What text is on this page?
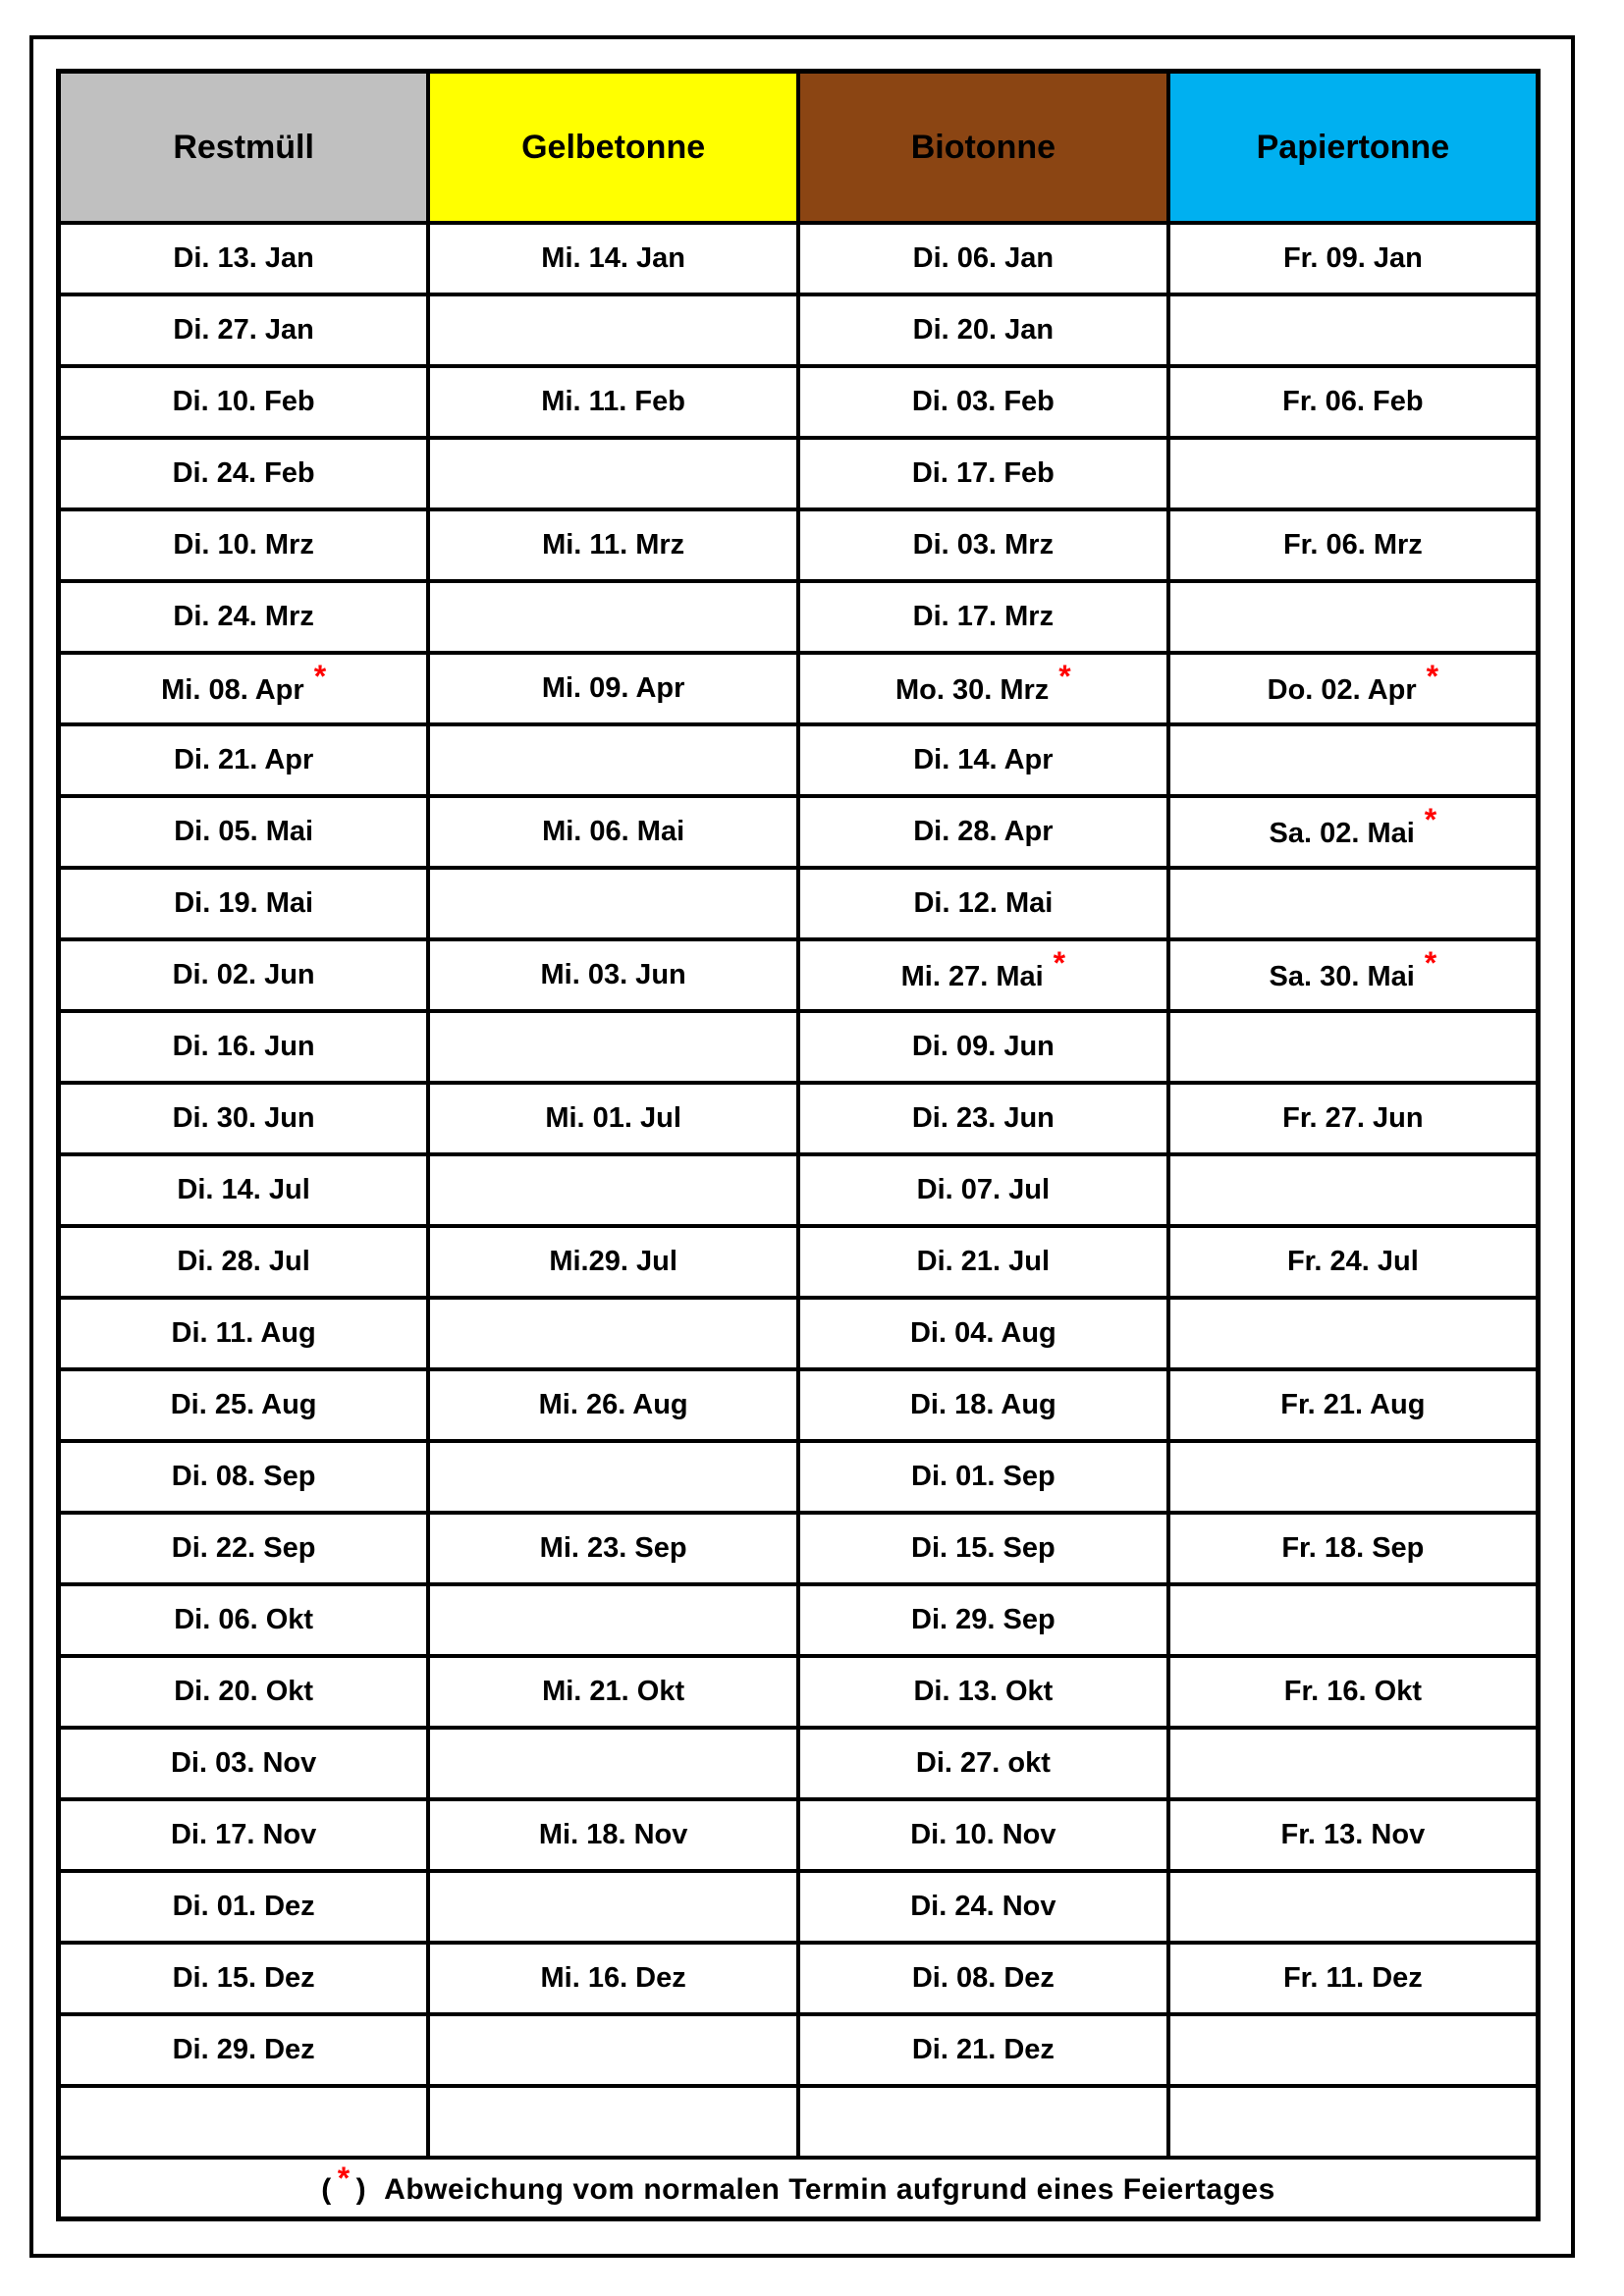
Restmüll	Gelbetonne	Biotonne	Papiertonne
Di. 13. Jan	Mi. 14. Jan	Di. 06. Jan	Fr. 09. Jan
Di. 27. Jan		Di. 20. Jan	
Di. 10. Feb	Mi. 11. Feb	Di. 03. Feb	Fr. 06. Feb
Di. 24. Feb		Di. 17. Feb	
Di. 10. Mrz	Mi. 11. Mrz	Di. 03. Mrz	Fr. 06. Mrz
Di. 24. Mrz		Di. 17. Mrz	
Mi. 08. Apr *	Mi. 09. Apr	Mo. 30. Mrz *	Do. 02. Apr *
Di. 21. Apr		Di. 14. Apr	
Di. 05. Mai	Mi. 06. Mai	Di. 28. Apr	Sa. 02. Mai *
Di. 19. Mai		Di. 12. Mai	
Di. 02. Jun	Mi. 03. Jun	Mi. 27. Mai *	Sa. 30. Mai *
Di. 16. Jun		Di. 09. Jun	
Di. 30. Jun	Mi. 01. Jul	Di. 23. Jun	Fr. 27. Jun
Di. 14. Jul		Di. 07. Jul	
Di. 28. Jul	Mi.29. Jul	Di. 21. Jul	Fr. 24. Jul
Di. 11. Aug		Di. 04. Aug	
Di. 25. Aug	Mi. 26. Aug	Di. 18. Aug	Fr. 21. Aug
Di. 08. Sep		Di. 01. Sep	
Di. 22. Sep	Mi. 23. Sep	Di. 15. Sep	Fr. 18. Sep
Di. 06. Okt		Di. 29. Sep	
Di. 20. Okt	Mi. 21. Okt	Di. 13. Okt	Fr. 16. Okt
Di. 03. Nov		Di. 27. okt	
Di. 17. Nov	Mi. 18. Nov	Di. 10. Nov	Fr. 13. Nov
Di. 01. Dez		Di. 24. Nov	
Di. 15. Dez	Mi. 16. Dez	Di. 08. Dez	Fr. 11. Dez
Di. 29. Dez		Di. 21. Dez	

( * ) Abweichung vom normalen Termin aufgrund eines Feiertages			
